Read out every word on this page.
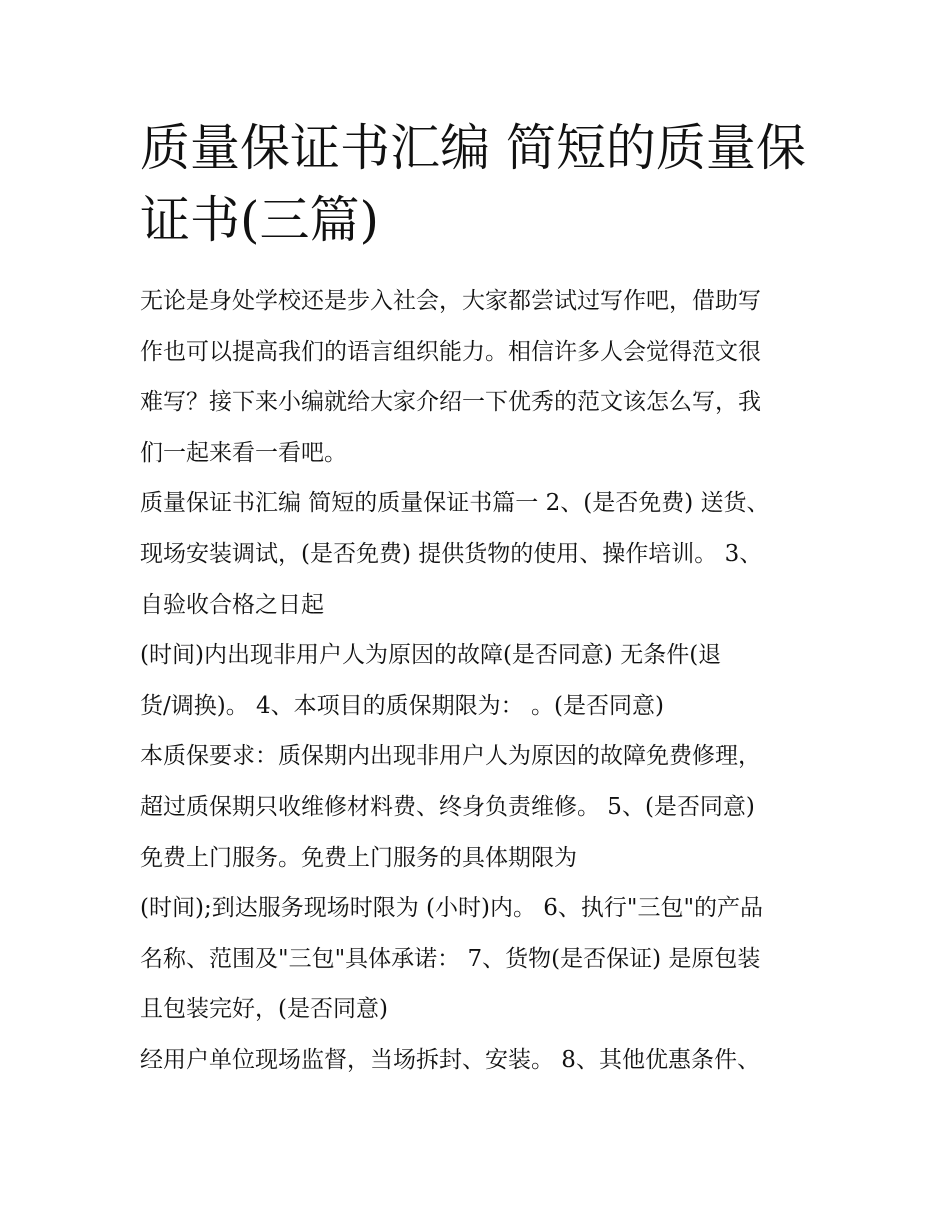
质量保证书汇编 简短的质量保
证书(三篇)

无论是身处学校还是步入社会，大家都尝试过写作吧，借助写
作也可以提高我们的语言组织能力。相信许多人会觉得范文很
难写？接下来小编就给大家介绍一下优秀的范文该怎么写，我
们一起来看一看吧。

质量保证书汇编 简短的质量保证书篇一 2、(是否免费) 送货、
现场安装调试，(是否免费) 提供货物的使用、操作培训。 3、
自验收合格之日起

(时间)内出现非用户人为原因的故障(是否同意) 无条件(退
货/调换)。 4、本项目的质保期限为： 。(是否同意)

本质保要求：质保期内出现非用户人为原因的故障免费修理，
超过质保期只收维修材料费、终身负责维修。 5、(是否同意)
免费上门服务。免费上门服务的具体期限为

(时间);到达服务现场时限为 (小时)内。 6、执行"三包"的产品
名称、范围及"三包"具体承诺： 7、货物(是否保证) 是原包装
且包装完好，(是否同意)

经用户单位现场监督，当场拆封、安装。 8、其他优惠条件、
